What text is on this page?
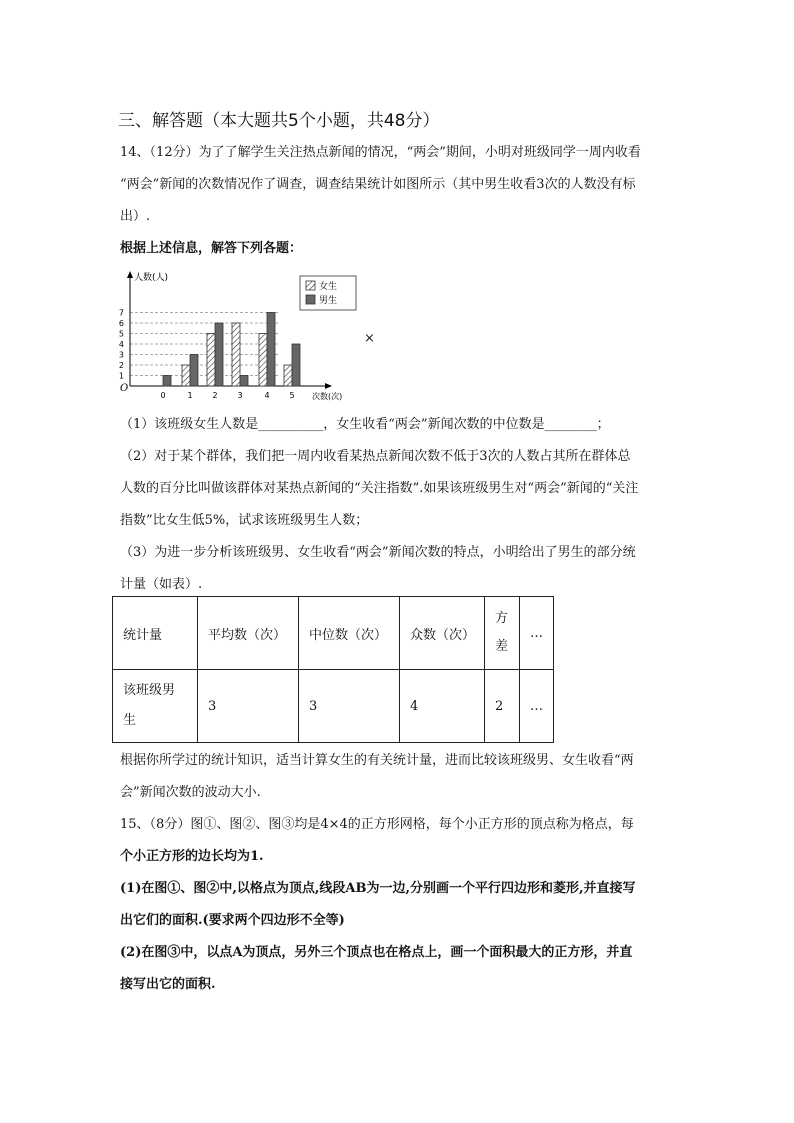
三、解答题（本大题共5个小题，共48分）
14、（12分）为了了解学生关注热点新闻的情况，“两会”期间，小明对班级同学一周内收看
“两会”新闻的次数情况作了调查，调查结果统计如图所示（其中男生收看3次的人数没有标
出）.
根据上述信息，解答下列各题：
1
2
3
4
5
6
7
人数(人)
次数(次)
O
0	1 2 3	4 5
女生
男生
×
（1）该班级女生人数是__________，女生收看“两会”新闻次数的中位数是________；
（2）对于某个群体，我们把一周内收看某热点新闻次数不低于3次的人数占其所在群体总
人数的百分比叫做该群体对某热点新闻的“关注指数”.如果该班级男生对“两会”新闻的“关注
指数”比女生低5%，试求该班级男生人数；
（3）为进一步分析该班级男、女生收看“两会”新闻次数的特点，小明给出了男生的部分统
计量（如表）.
统计量	平均数（次）	中位数（次）	众数（次）	方差	…
该班级男生	3	3	4	2	…
根据你所学过的统计知识，适当计算女生的有关统计量，进而比较该班级男、女生收看“两
会”新闻次数的波动大小.
15、（8分）图①、图②、图③均是4×4的正方形网格，每个小正方形的顶点称为格点，每
个小正方形的边长均为1.
(1)在图①、图②中,以格点为顶点,线段AB为一边,分别画一个平行四边形和菱形,并直接写
出它们的面积.(要求两个四边形不全等)
(2)在图③中，以点A为顶点，另外三个顶点也在格点上，画一个面积最大的正方形，并直
接写出它的面积.
